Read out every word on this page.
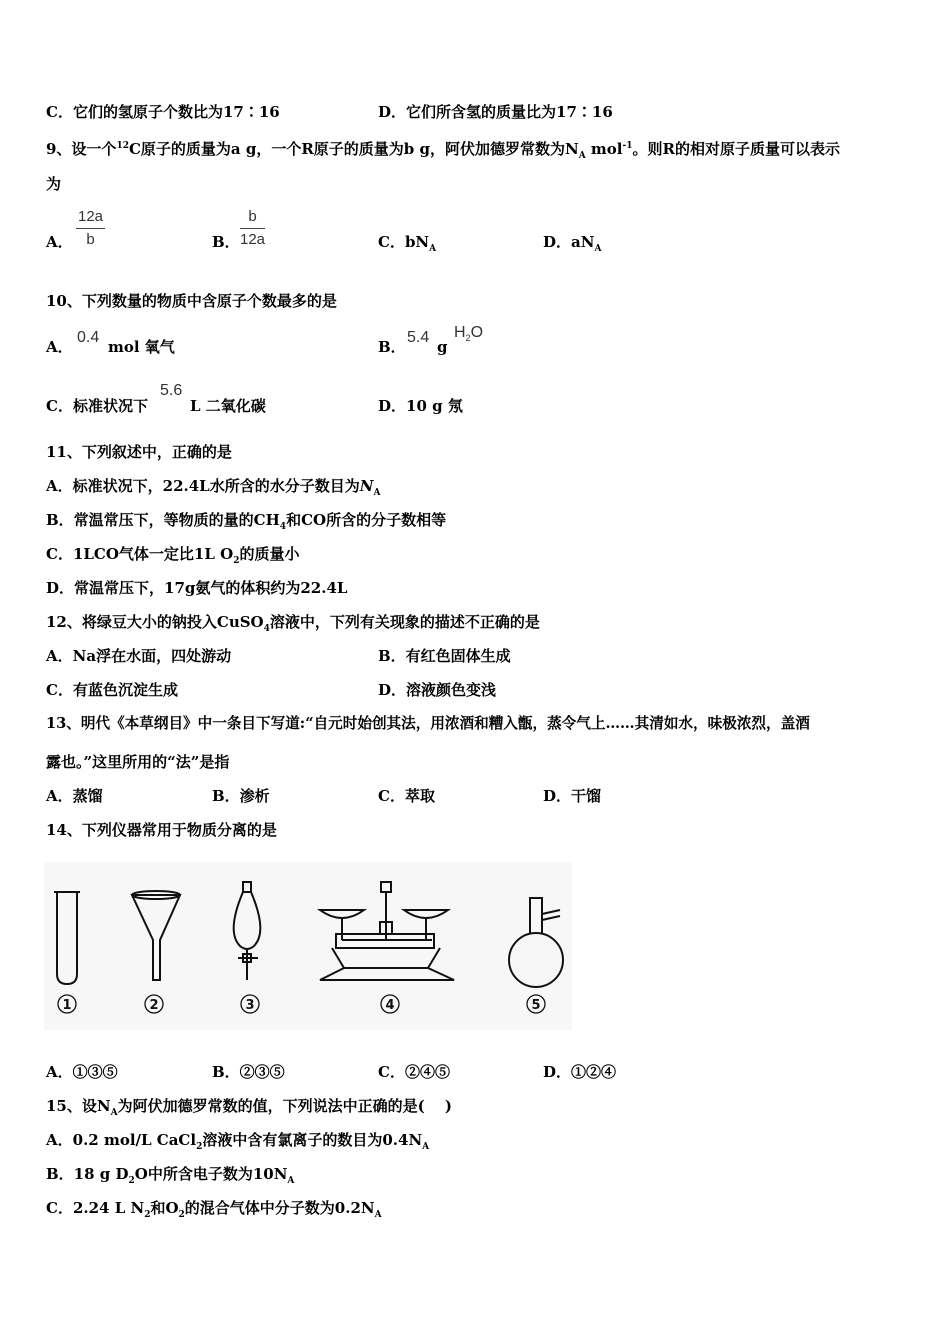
C．它们的氢原子个数比为17∶16	D．它们所含氢的质量比为17∶16
9、设一个$^{12}$C原子的质量为a g，一个R原子的质量为b g，阿伏加德罗常数为$N_A$ mol$^{-1}$。则R的相对原子质量可以表示
为
A． $\frac{12a}{b}$	B． $\frac{b}{12a}$	C．$bN_A$	D．$aN_A$
10、下列数量的物质中含原子个数最多的是
A．
0.4
mol 氧气	B．
5.4
g
$H_2O$
C．标准状况下
5.6
L 二氧化碳	D．10 g 氖
11、下列叙述中，正确的是
A．标准状况下，22.4L水所含的水分子数目为$N_A$
B．常温常压下，等物质的量的$CH_4$和CO所含的分子数相等
C．1LCO气体一定比1L $O_2$的质量小
D．常温常压下，17g氨气的体积约为22.4L
12、将绿豆大小的钠投入CuSO$_4$溶液中，下列有关现象的描述不正确的是
A．Na浮在水面，四处游动	B．有红色固体生成
C．有蓝色沉淀生成	D．溶液颜色变浅
13、明代《本草纲目》中一条目下写道:“自元时始创其法，用浓酒和糟入甑，蒸令气上……其清如水，味极浓烈，盖酒
露也。”这里所用的“法”是指
A．蒸馏	B．渗析	C．萃取	D．干馏
14、下列仪器常用于物质分离的是
1	2	3	4	5
A．①③⑤	B．②③⑤	C．②④⑤	D．①②④
15、设$N_A$为阿伏加德罗常数的值，下列说法中正确的是(　 )
A．0.2 mol/L CaCl$_2$溶液中含有氯离子的数目为$0.4N_A$
B．18 g $D_2O$中所含电子数为$10N_A$
C．2.24 L $N_2$和$O_2$的混合气体中分子数为$0.2N_A$
